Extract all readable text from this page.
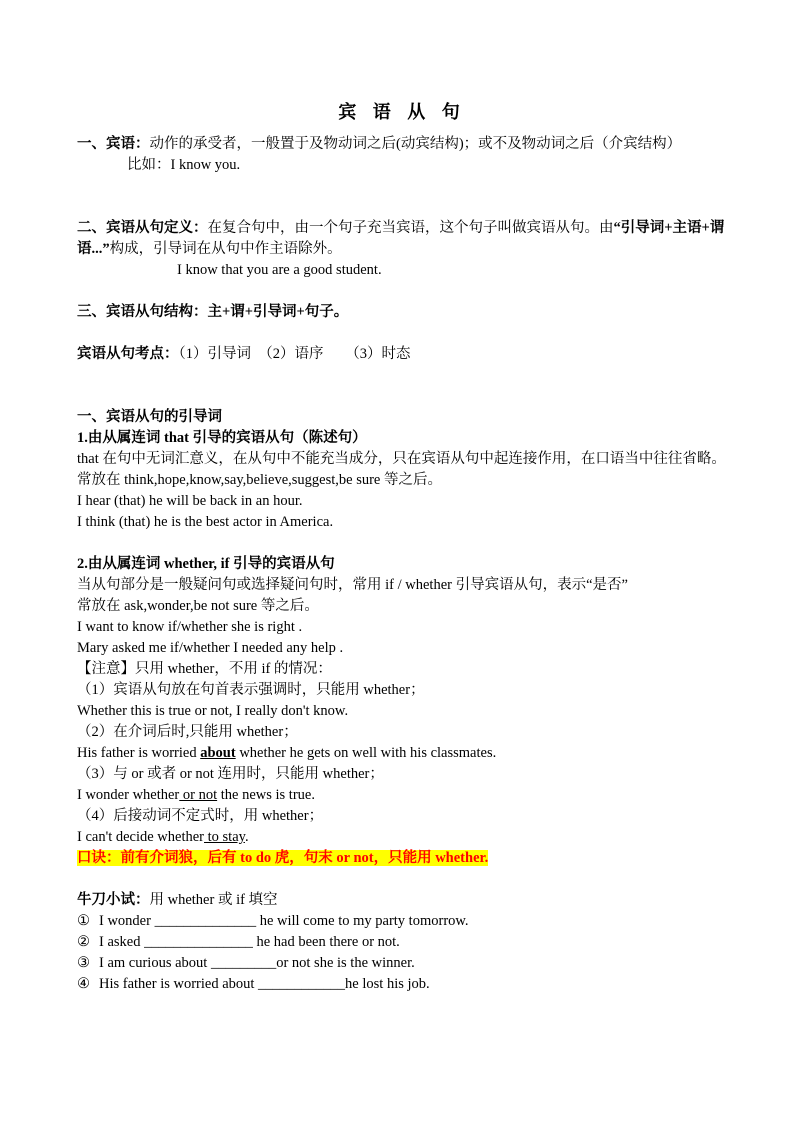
宾 语 从 句

一、宾语：动作的承受者，一般置于及物动词之后(动宾结构)；或不及物动词之后（介宾结构）

比如：I know you.

二、宾语从句定义：在复合句中，由一个句子充当宾语，这个句子叫做宾语从句。由“引导词+主语+谓语...”构成，引导词在从句中作主语除外。

I know that you are a good student.

三、宾语从句结构：主+谓+引导词+句子。

宾语从句考点：（1）引导词　（2）语序　　（3）时态

一、宾语从句的引导词

1.由从属连词 that 引导的宾语从句（陈述句）

that 在句中无词汇意义，在从句中不能充当成分，只在宾语从句中起连接作用，在口语当中往往省略。

常放在 think,hope,know,say,believe,suggest,be sure 等之后。

I hear (that) he will be back in an hour.

I think (that) he is the best actor in America.

2.由从属连词 whether, if 引导的宾语从句

当从句部分是一般疑问句或选择疑问句时，常用 if / whether 引导宾语从句，表示“是否”

常放在 ask,wonder,be not sure 等之后。

I want to know if/whether she is right .

Mary asked me if/whether I needed any help .

【注意】只用 whether，不用 if 的情况：

（1）宾语从句放在句首表示强调时，只能用 whether；

Whether this is true or not, I really don't know.

（2）在介词后时,只能用 whether；

His father is worried about whether he gets on well with his classmates.

（3）与 or 或者 or not 连用时，只能用 whether；

I wonder whether or not the news is true.

（4）后接动词不定式时，用 whether；

I can't decide whether to stay.

口诀：前有介词狼，后有 to do 虎，句末 or not，只能用 whether.

牛刀小试：用 whether 或 if 填空

① I wonder ______________ he will come to my party tomorrow.

② I asked _______________ he had been there or not.

③ I am curious about _________or not she is the winner.

④ His father is worried about ____________he lost his job.
